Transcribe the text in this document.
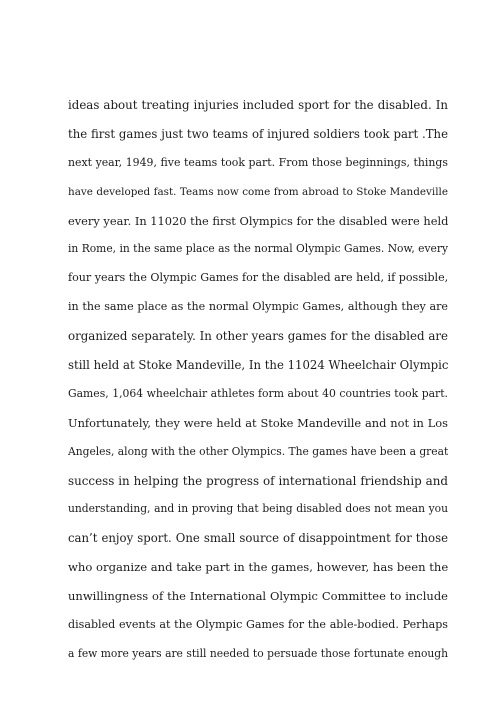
ideas about treating injuries included sport for the disabled. In
the first games just two teams of injured soldiers took part .The
next year, 1949, five teams took part. From those beginnings, things
have developed fast. Teams now come from abroad to Stoke Mandeville
every year. In 11020 the first Olympics for the disabled were held
in Rome, in the same place as the normal Olympic Games. Now, every
four years the Olympic Games for the disabled are held, if possible,
in the same place as the normal Olympic Games, although they are
organized separately. In other years games for the disabled are
still held at Stoke Mandeville, In the 11024 Wheelchair Olympic
Games, 1,064 wheelchair athletes form about 40 countries took part.
Unfortunately, they were held at Stoke Mandeville and not in Los
Angeles, along with the other Olympics. The games have been a great
success in helping the progress of international friendship and
understanding, and in proving that being disabled does not mean you
can’t enjoy sport. One small source of disappointment for those
who organize and take part in the games, however, has been the
unwillingness of the International Olympic Committee to include
disabled events at the Olympic Games for the able-bodied. Perhaps
a few more years are still needed to persuade those fortunate enough
